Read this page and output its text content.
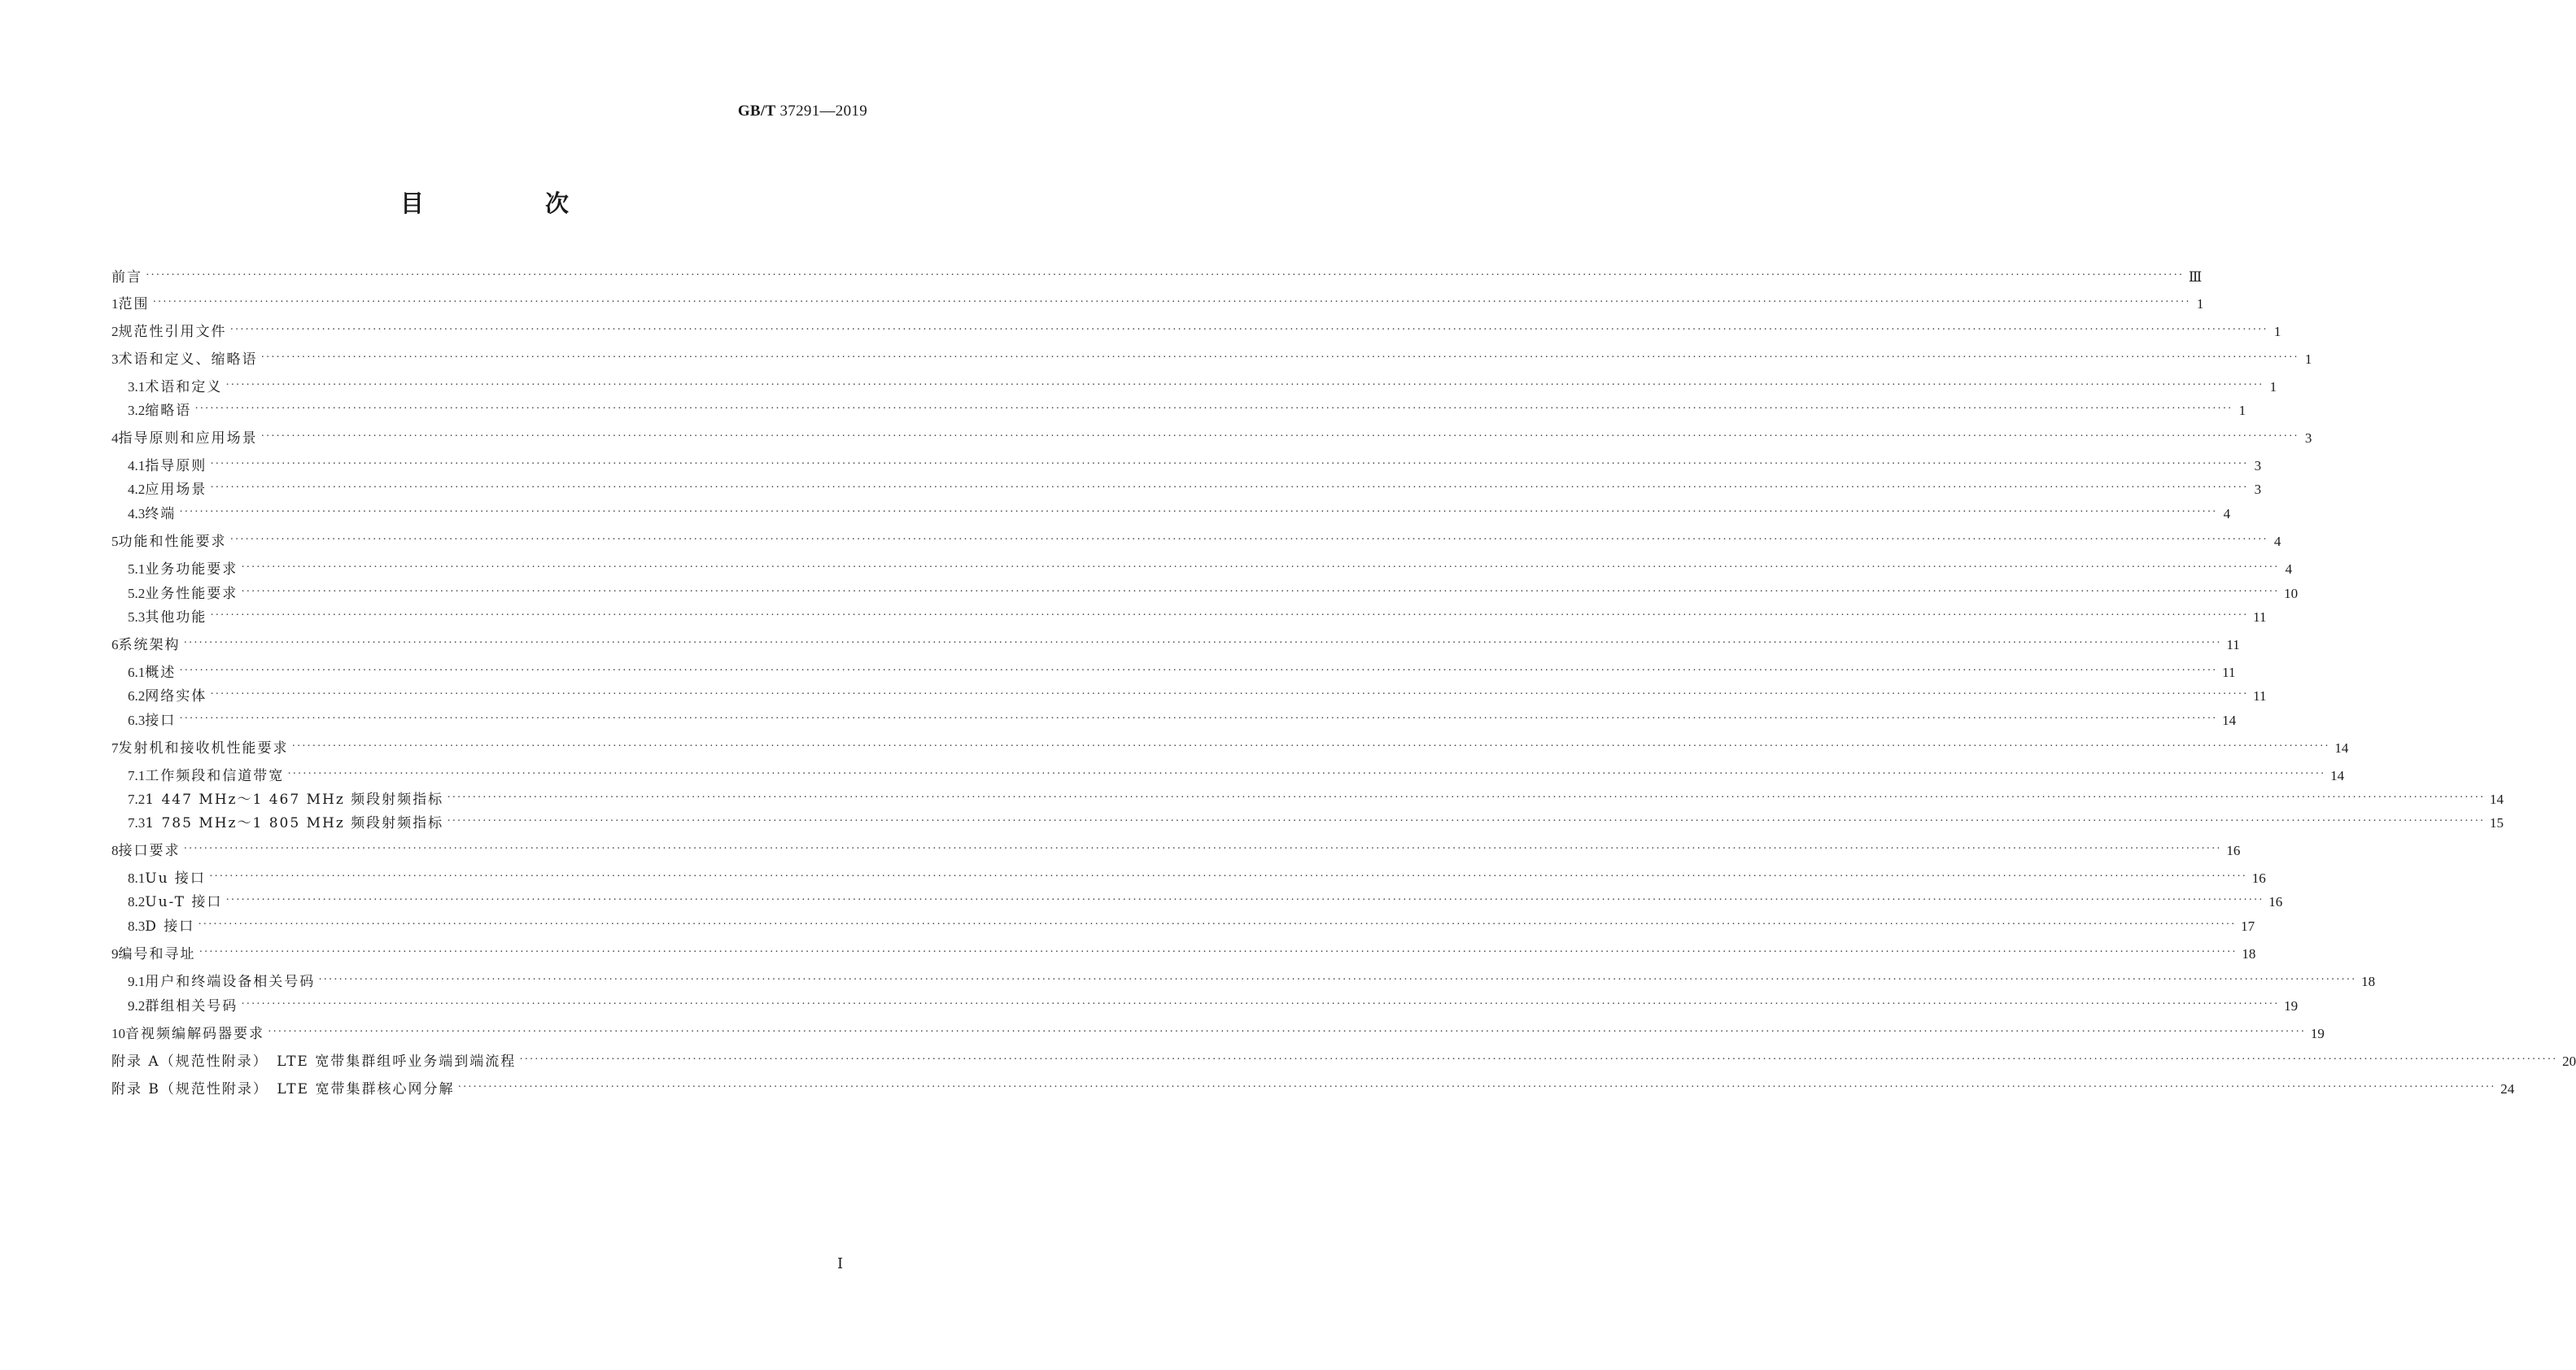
GB/T 37291—2019
目　次
前言 ················································································································································································································································································································································································································ Ⅲ
1 范围 ················································································································································································································································································································································································································ 1
2 规范性引用文件 ················································································································································································································································································································································································································ 1
3 术语和定义、缩略语 ················································································································································································································································································································································································································ 1
3.1 术语和定义 ················································································································································································································································································································································································································ 1
3.2 缩略语 ················································································································································································································································································································································································································ 1
4 指导原则和应用场景 ················································································································································································································································································································································································································ 3
4.1 指导原则 ················································································································································································································································································································································································································ 3
4.2 应用场景 ················································································································································································································································································································································································································ 3
4.3 终端 ················································································································································································································································································································································································································ 4
5 功能和性能要求 ················································································································································································································································································································································································································ 4
5.1 业务功能要求 ················································································································································································································································································································································································································ 4
5.2 业务性能要求 ················································································································································································································································································································································································································ 10
5.3 其他功能 ················································································································································································································································································································································································································ 11
6 系统架构 ················································································································································································································································································································································································································ 11
6.1 概述 ················································································································································································································································································································································································································ 11
6.2 网络实体 ················································································································································································································································································································································································································ 11
6.3 接口 ················································································································································································································································································································································································································ 14
7 发射机和接收机性能要求 ················································································································································································································································································································································································································ 14
7.1 工作频段和信道带宽 ················································································································································································································································································································································································································ 14
7.2 1 447 MHz～1 467 MHz 频段射频指标 ················································································································································································································································································································································································································ 14
7.3 1 785 MHz～1 805 MHz 频段射频指标 ················································································································································································································································································································································································································ 15
8 接口要求 ················································································································································································································································································································································································································ 16
8.1 Uu 接口 ················································································································································································································································································································································································································ 16
8.2 Uu-T 接口 ················································································································································································································································································································································································································ 16
8.3 D 接口 ················································································································································································································································································································································································································ 17
9 编号和寻址 ················································································································································································································································································································································································································ 18
9.1 用户和终端设备相关号码 ················································································································································································································································································································································································································ 18
9.2 群组相关号码 ················································································································································································································································································································································································································ 19
10 音视频编解码器要求 ················································································································································································································································································································································································································ 19
附录 A（规范性附录）　LTE 宽带集群组呼业务端到端流程 ················································································································································································································································································································································································································ 20
附录 B（规范性附录）　LTE 宽带集群核心网分解 ················································································································································································································································································································································································································ 24
Ⅰ
